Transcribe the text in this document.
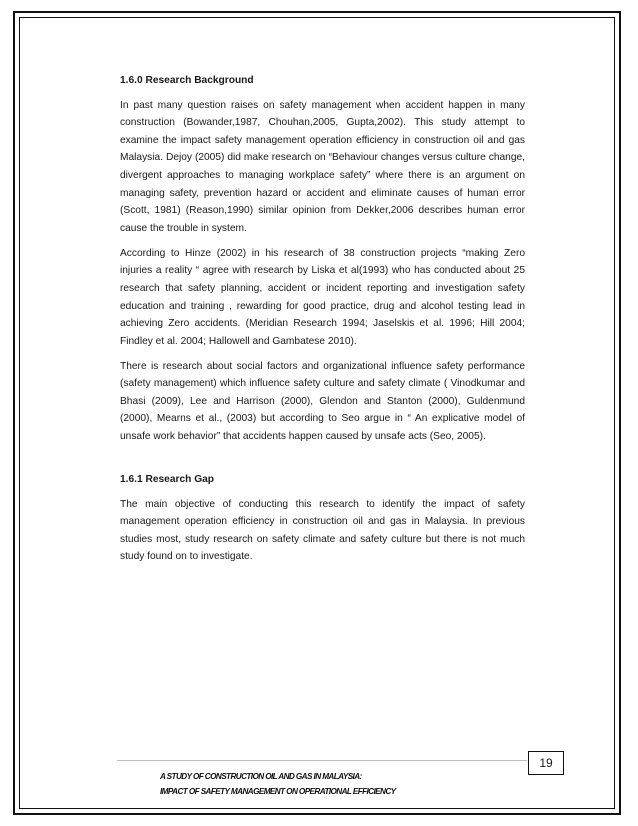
1.6.0 Research Background

In past many question raises on safety management when accident happen in many construction (Bowander,1987, Chouhan,2005, Gupta,2002). This study attempt to examine the impact safety management operation efficiency in construction oil and gas Malaysia. Dejoy (2005) did make research on “Behaviour changes versus culture change, divergent approaches to managing workplace safety” where there is an argument on managing safety, prevention hazard or accident and eliminate causes of human error (Scott, 1981) (Reason,1990) similar opinion from Dekker,2006 describes human error cause the trouble in system.

According to Hinze (2002) in his research of 38 construction projects “making Zero injuries a reality “ agree with research by Liska et al(1993) who has conducted about 25 research that safety planning, accident or incident reporting and investigation safety education and training , rewarding for good practice, drug and alcohol testing lead in achieving Zero accidents. (Meridian Research 1994; Jaselskis et al. 1996; Hill 2004; Findley et al. 2004; Hallowell and Gambatese 2010).

There is research about social factors and organizational influence safety performance (safety management) which influence safety culture and safety climate ( Vinodkumar and Bhasi (2009), Lee and Harrison (2000), Glendon and Stanton (2000), Guldenmund (2000), Mearns et al., (2003) but according to Seo argue in “ An explicative model of unsafe work behavior” that accidents happen caused by unsafe acts (Seo, 2005).

1.6.1 Research Gap

The main objective of conducting this research to identify the impact of safety management operation efficiency in construction oil and gas in Malaysia. In previous studies most, study research on safety climate and safety culture but there is not much study found on to investigate.

19
A STUDY OF CONSTRUCTION OIL AND GAS IN MALAYSIA:
IMPACT OF SAFETY MANAGEMENT ON OPERATIONAL EFFICIENCY
